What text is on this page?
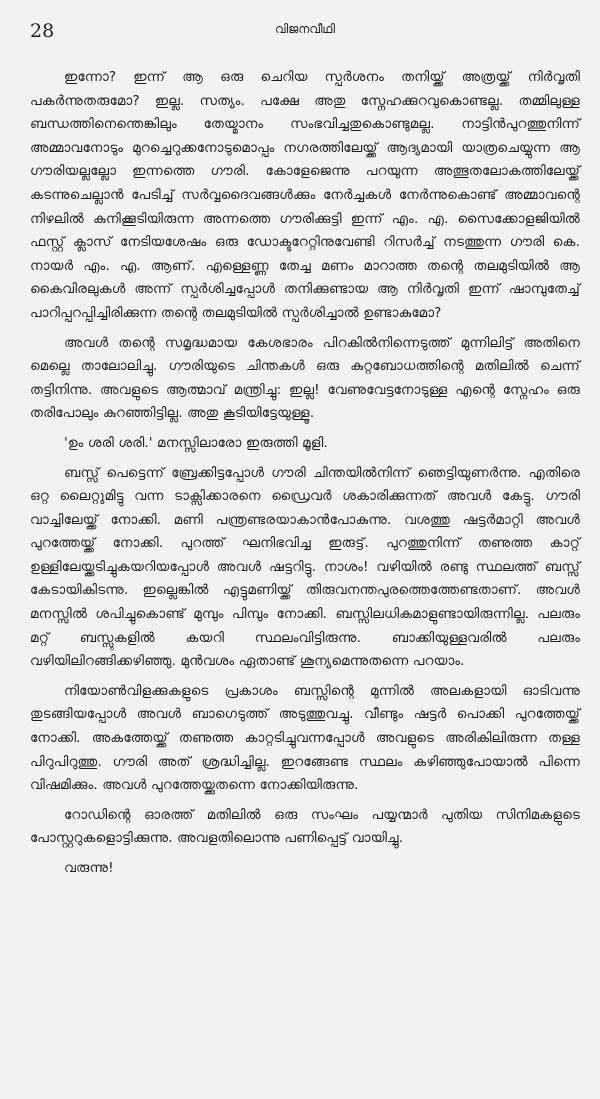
28	വിജനവീഥി

ഇന്നോ? ഇന്ന് ആ ഒരു ചെറിയ സ്പർശനം തനിയ്ക്ക് അത്രയ്ക്ക് നിർവൃതി പകർന്നുതരുമോ? ഇല്ല. സത്യം. പക്ഷേ അതു സ്നേഹക്കുറവുകൊണ്ടല്ല. തമ്മിലുള്ള ബന്ധത്തിനെന്തെങ്കിലും തേയ്മാനം സംഭവിച്ചതുകൊണ്ടുമല്ല. നാട്ടിൻപുറത്തുനിന്ന് അമ്മാവനോടും മുറച്ചെറുക്കനോടുമൊപ്പം നഗരത്തിലേയ്ക്ക് ആദ്യമായി യാത്രചെയ്യുന്ന ആ ഗൗരിയല്ലല്ലോ ഇന്നത്തെ ഗൗരി. കോളേജെന്നു പറയുന്ന അത്ഭുതലോകത്തിലേയ്ക്ക് കടന്നുചെല്ലാൻ പേടിച്ച് സർവ്വദൈവങ്ങൾക്കും നേർച്ചകൾ നേർന്നുകൊണ്ട് അമ്മാവന്റെ നിഴലിൽ കുനിക്കൂടിയിരുന്ന അന്നത്തെ ഗൗരിക്കുട്ടി ഇന്ന് എം. എ. സൈക്കോളജിയിൽ ഫസ്റ്റ് ക്ലാസ് നേടിയശേഷം ഒരു ഡോക്ടറേറ്റിനുവേണ്ടി റിസർച്ച് നടത്തുന്ന ഗൗരി കെ. നായർ എം. എ. ആണ്. എള്ളെണ്ണ തേച്ച മണം മാറാത്ത തന്റെ തലമുടിയിൽ ആ കൈവിരലുകൾ അന്ന് സ്പർശിച്ചപ്പോൾ തനിക്കുണ്ടായ ആ നിർവൃതി ഇന്ന് ഷാമ്പുതേച്ച് പാറിപ്പറപ്പിച്ചിരിക്കുന്ന തന്റെ തലമുടിയിൽ സ്പർശിച്ചാൽ ഉണ്ടാകുമോ?

അവൾ തന്റെ സമൃദ്ധമായ കേശഭാരം പിറകിൽനിന്നെടുത്ത് മുന്നിലിട്ട് അതിനെ മെല്ലെ താലോലിച്ചു. ഗൗരിയുടെ ചിന്തകൾ ഒരു കുറ്റബോധത്തിന്റെ മതിലിൽ ചെന്ന് തട്ടിനിന്നു. അവളുടെ ആത്മാവ് മന്ത്രിച്ചു: ഇല്ല! വേണുവേട്ടനോടുള്ള എന്റെ സ്നേഹം ഒരു തരിപോലും കുറഞ്ഞിട്ടില്ല. അതു കൂടിയിട്ടേയുള്ളൂ.

'ഉം ശരി ശരി.' മനസ്സിലാരോ ഇരുത്തി മൂളി.

ബസ്സ് പെട്ടെന്ന് ബ്രേക്കിട്ടപ്പോൾ ഗൗരി ചിന്തയിൽനിന്ന് ഞെട്ടിയുണർന്നു. എതിരെ ഒറ്റ ലൈറ്റുമിട്ടു വന്ന ടാക്സിക്കാരനെ ഡ്രൈവർ ശകാരിക്കുന്നത് അവൾ കേട്ടു. ഗൗരി വാച്ചിലേയ്ക്ക് നോക്കി. മണി പന്ത്രണ്ടരയാകാൻപോകുന്നു. വശത്തു ഷട്ടർമാറ്റി അവൾ പുറത്തേയ്ക്ക് നോക്കി. പുറത്ത് ഘനിഭവിച്ച ഇരുട്ട്. പുറത്തുനിന്ന് തണുത്ത കാറ്റ് ഉള്ളിലേയ്ക്കടിച്ചുകയറിയപ്പോൾ അവൾ ഷട്ടറിട്ടു. നാശം! വഴിയിൽ രണ്ടു സ്ഥലത്ത് ബസ്സ് കേടായികിടന്നു. ഇല്ലെങ്കിൽ എട്ടുമണിയ്ക്ക് തിരുവനന്തപുരത്തെത്തേണ്ടതാണ്. അവൾ മനസ്സിൽ ശപിച്ചുകൊണ്ട് മുമ്പും പിമ്പും നോക്കി. ബസ്സിലധികമാളുണ്ടായിരുന്നില്ല. പലരും മറ്റ് ബസ്സുകളിൽ കയറി സ്ഥലംവിട്ടിരുന്നു. ബാക്കിയുള്ളവരിൽ പലരും വഴിയിലിറങ്ങിക്കഴിഞ്ഞു. മുൻവശം ഏതാണ്ട് ശൂന്യമെന്നുതന്നെ പറയാം.

നിയോൺവിളക്കുകളുടെ പ്രകാശം ബസ്സിന്റെ മുന്നിൽ അലകളായി ഓടിവന്നു തുടങ്ങിയപ്പോൾ അവൾ ബാഗെടുത്ത് അടുത്തുവച്ചു. വീണ്ടും ഷട്ടർ പൊക്കി പുറത്തേയ്ക്ക് നോക്കി. അകത്തേയ്ക്ക് തണുത്ത കാറ്റടിച്ചുവന്നപ്പോൾ അവളുടെ അരികിലിരുന്ന തള്ള പിറുപിറുത്തു. ഗൗരി അത് ശ്രദ്ധിച്ചില്ല. ഇറങ്ങേണ്ട സ്ഥലം കഴിഞ്ഞുപോയാൽ പിന്നെ വിഷമിക്കും. അവൾ പുറത്തേയ്ക്കുതന്നെ നോക്കിയിരുന്നു.

റോഡിന്റെ ഓരത്ത് മതിലിൽ ഒരു സംഘം പയ്യന്മാർ പുതിയ സിനിമകളുടെ പോസ്റ്ററുകളൊട്ടിക്കുന്നു. അവളതിലൊന്നു പണിപ്പെട്ട് വായിച്ചു.

വരുന്നു!
